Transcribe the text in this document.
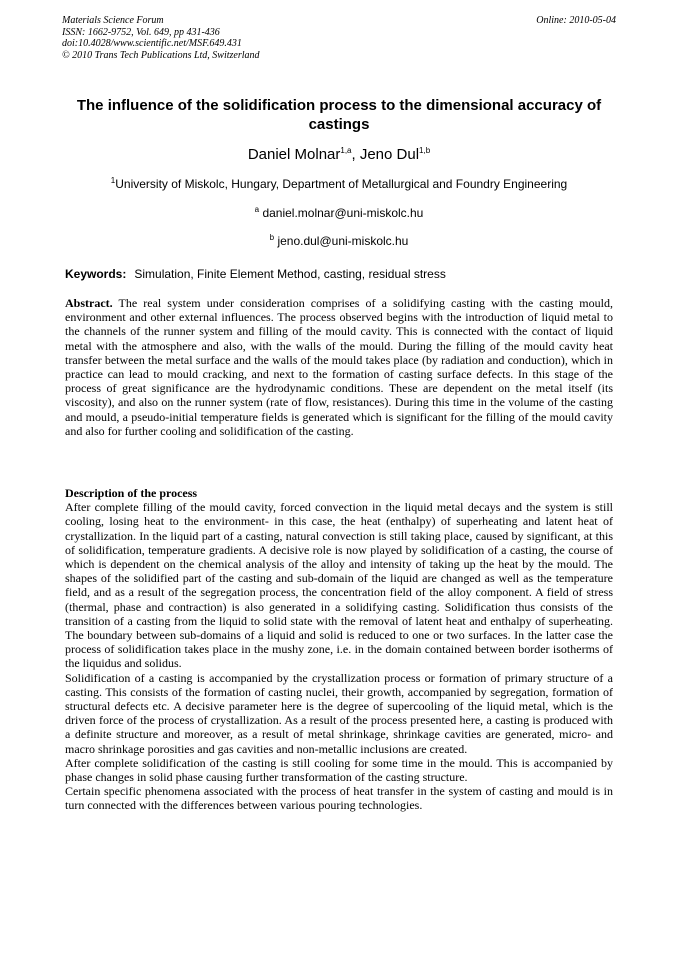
Materials Science Forum
ISSN: 1662-9752, Vol. 649, pp 431-436
doi:10.4028/www.scientific.net/MSF.649.431
© 2010 Trans Tech Publications Ltd, Switzerland
Online: 2010-05-04
The influence of the solidification process to the dimensional accuracy of castings
Daniel Molnar$^{1,a}$, Jeno Dul$^{1,b}$
$^1$University of Miskolc, Hungary, Department of Metallurgical and Foundry Engineering
$^a$ daniel.molnar@uni-miskolc.hu
$^b$ jeno.dul@uni-miskolc.hu
Keywords: Simulation, Finite Element Method, casting, residual stress
Abstract. The real system under consideration comprises of a solidifying casting with the casting mould, environment and other external influences. The process observed begins with the introduction of liquid metal to the channels of the runner system and filling of the mould cavity. This is connected with the contact of liquid metal with the atmosphere and also, with the walls of the mould. During the filling of the mould cavity heat transfer between the metal surface and the walls of the mould takes place (by radiation and conduction), which in practice can lead to mould cracking, and next to the formation of casting surface defects. In this stage of the process of great significance are the hydrodynamic conditions. These are dependent on the metal itself (its viscosity), and also on the runner system (rate of flow, resistances). During this time in the volume of the casting and mould, a pseudo-initial temperature fields is generated which is significant for the filling of the mould cavity and also for further cooling and solidification of the casting.
Description of the process

After complete filling of the mould cavity, forced convection in the liquid metal decays and the system is still cooling, losing heat to the environment- in this case, the heat (enthalpy) of superheating and latent heat of crystallization. In the liquid part of a casting, natural convection is still taking place, caused by significant, at this of solidification, temperature gradients. A decisive role is now played by solidification of a casting, the course of which is dependent on the chemical analysis of the alloy and intensity of taking up the heat by the mould. The shapes of the solidified part of the casting and sub-domain of the liquid are changed as well as the temperature field, and as a result of the segregation process, the concentration field of the alloy component. A field of stress (thermal, phase and contraction) is also generated in a solidifying casting. Solidification thus consists of the transition of a casting from the liquid to solid state with the removal of latent heat and enthalpy of superheating. The boundary between sub-domains of a liquid and solid is reduced to one or two surfaces. In the latter case the process of solidification takes place in the mushy zone, i.e. in the domain contained between border isotherms of the liquidus and solidus.

Solidification of a casting is accompanied by the crystallization process or formation of primary structure of a casting. This consists of the formation of casting nuclei, their growth, accompanied by segregation, formation of structural defects etc. A decisive parameter here is the degree of supercooling of the liquid metal, which is the driven force of the process of crystallization. As a result of the process presented here, a casting is produced with a definite structure and moreover, as a result of metal shrinkage, shrinkage cavities are generated, micro- and macro shrinkage porosities and gas cavities and non-metallic inclusions are created.

After complete solidification of the casting is still cooling for some time in the mould. This is accompanied by phase changes in solid phase causing further transformation of the casting structure.

Certain specific phenomena associated with the process of heat transfer in the system of casting and mould is in turn connected with the differences between various pouring technologies.
